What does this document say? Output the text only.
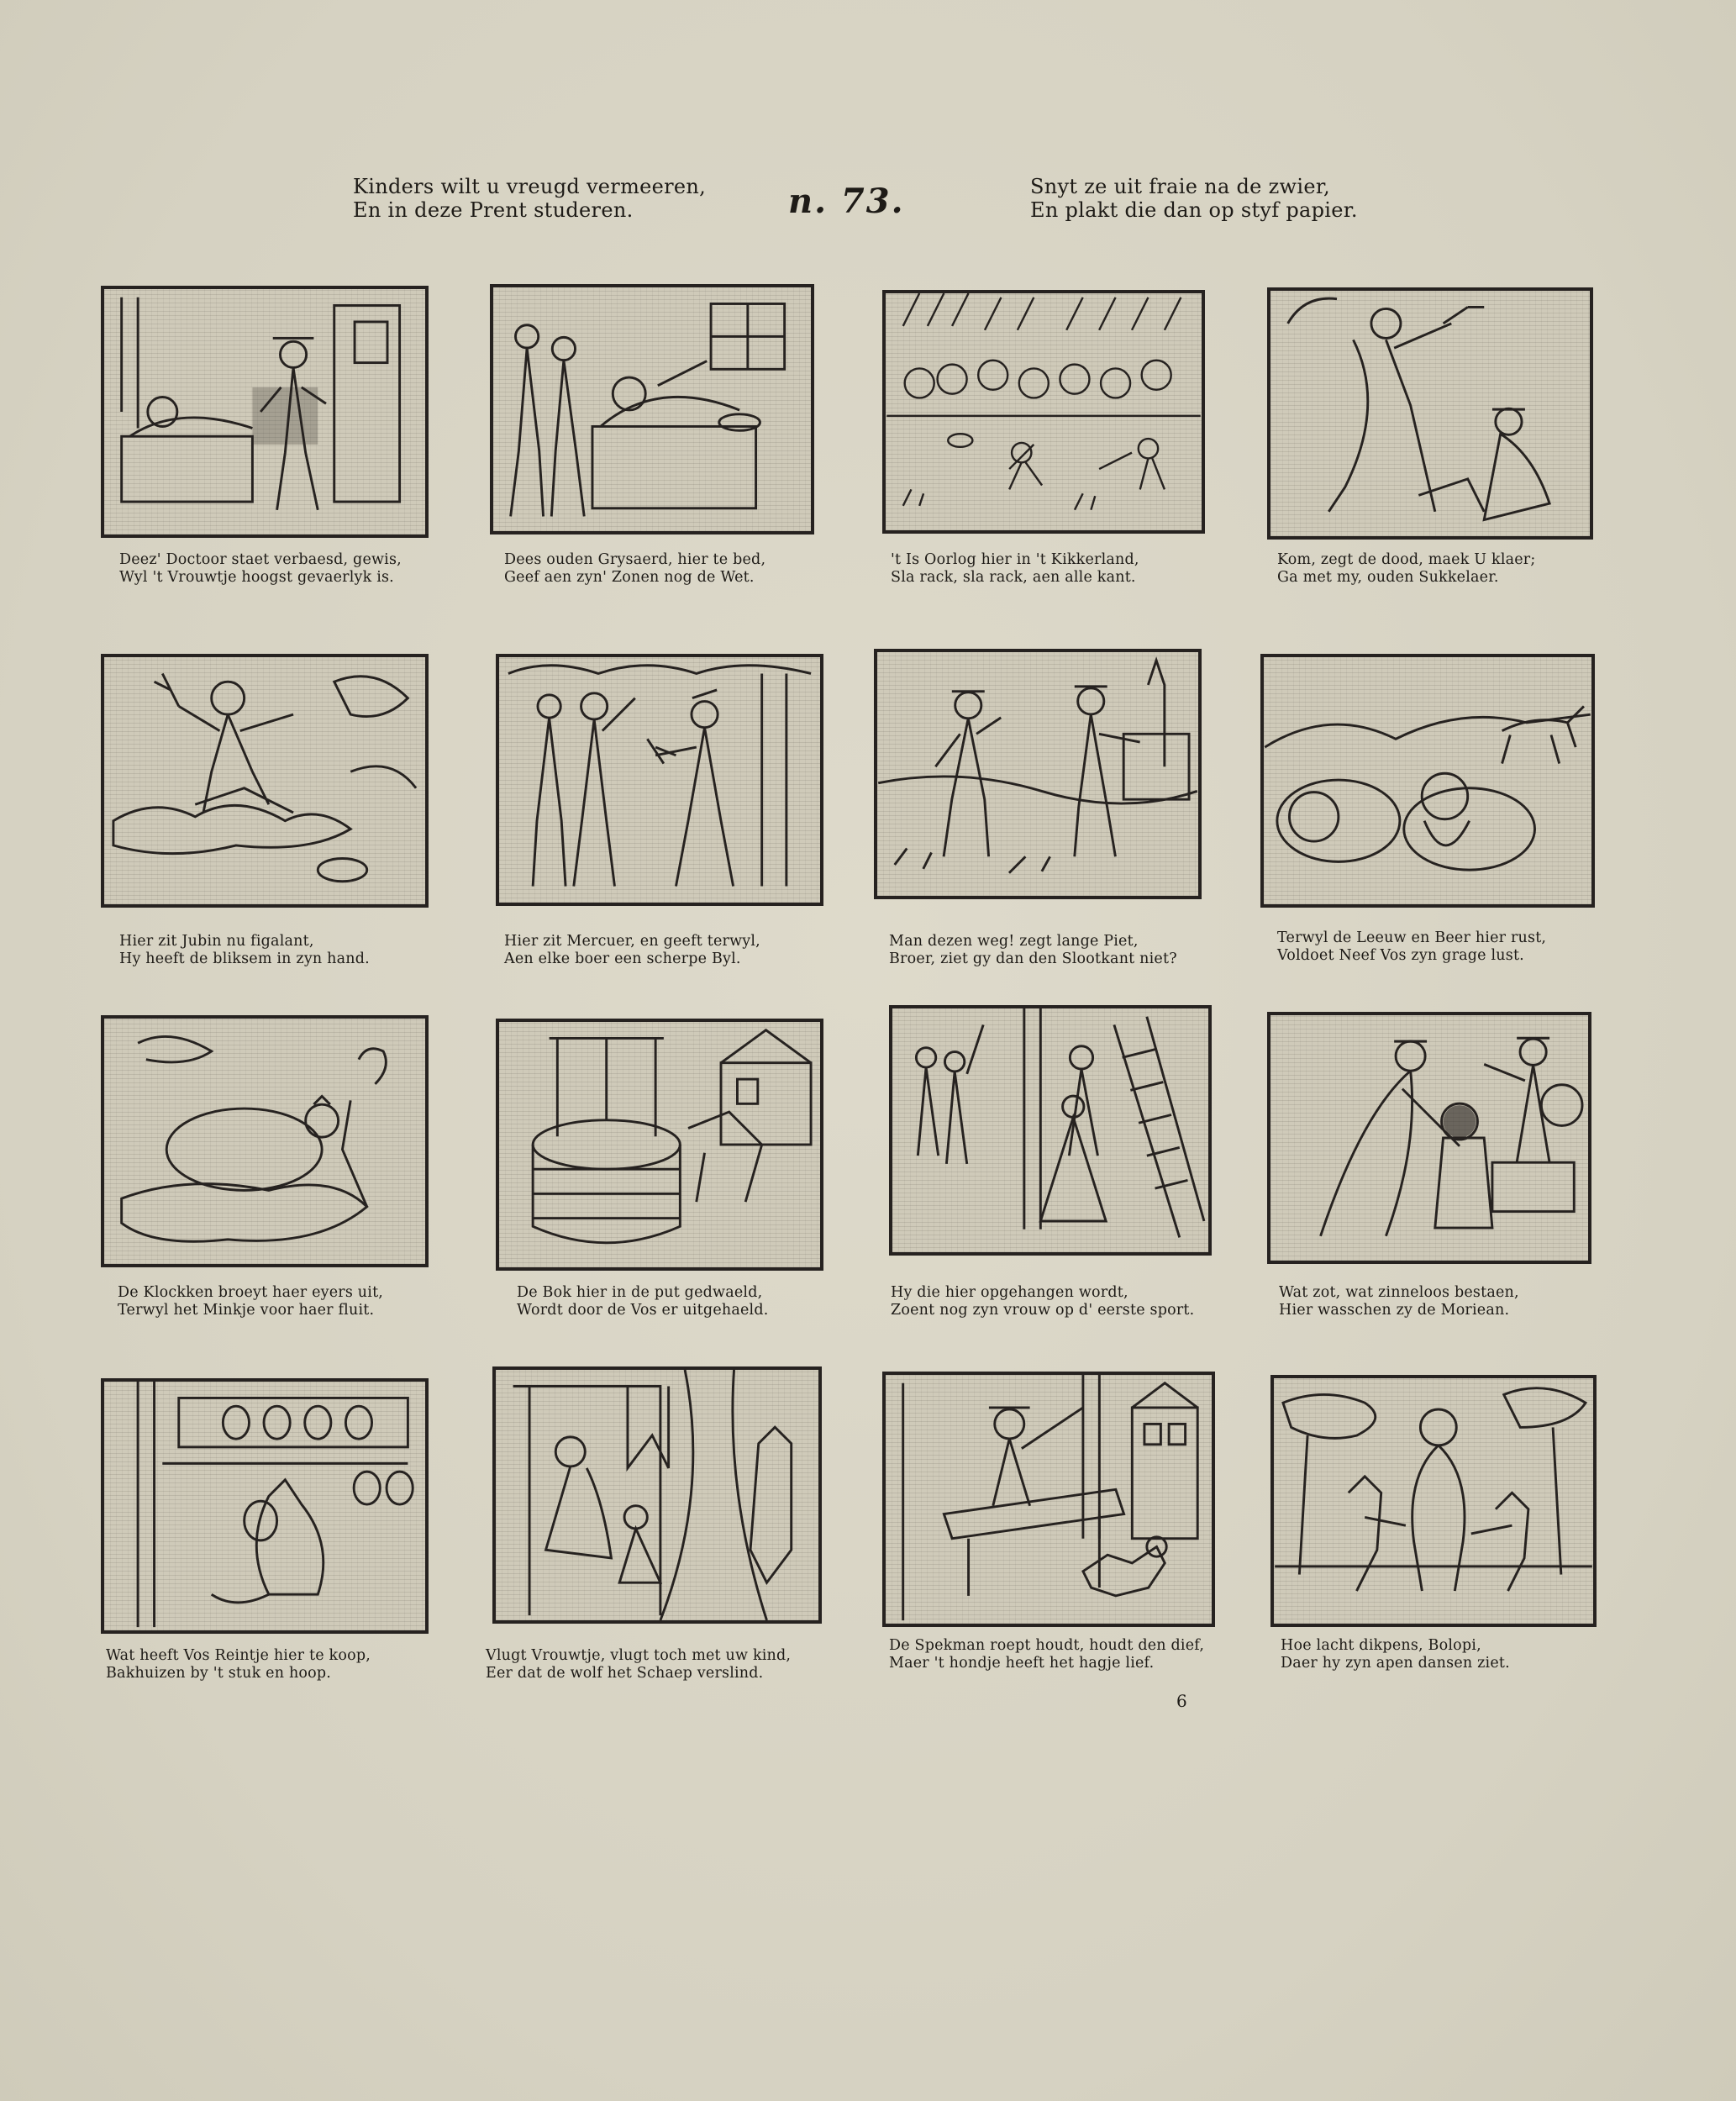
Kinders wilt u vreugd vermeeren,
En in deze Prent studeren.	n. 73.	Snyt ze uit fraie na de zwier,
En plakt die dan op styf papier.
Deez' Doctoor staet verbaesd, gewis,
Wyl 't Vrouwtje hoogst gevaerlyk is.
Dees ouden Grysaerd, hier te bed,
Geef aen zyn' Zonen nog de Wet.
't Is Oorlog hier in 't Kikkerland,
Sla rack, sla rack, aen alle kant.
Kom, zegt de dood, maek U klaer;
Ga met my, ouden Sukkelaer.
Hier zit Jubin nu figalant,
Hy heeft de bliksem in zyn hand.
Hier zit Mercuer, en geeft terwyl,
Aen elke boer een scherpe Byl.
Man dezen weg! zegt lange Piet,
Broer, ziet gy dan den Slootkant niet?
Terwyl de Leeuw en Beer hier rust,
Voldoet Neef Vos zyn grage lust.
De Klockken broeyt haer eyers uit,
Terwyl het Minkje voor haer fluit.
De Bok hier in de put gedwaeld,
Wordt door de Vos er uitgehaeld.
Hy die hier opgehangen wordt,
Zoent nog zyn vrouw op d' eerste sport.
Wat zot, wat zinneloos bestaen,
Hier wasschen zy de Moriean.
Wat heeft Vos Reintje hier te koop,
Bakhuizen by 't stuk en hoop.
Vlugt Vrouwtje, vlugt toch met uw kind,
Eer dat de wolf het Schaep verslind.
De Spekman roept houdt, houdt den dief,
Maer 't hondje heeft het hagje lief.
Hoe lacht dikpens, Bolopi,
Daer hy zyn apen dansen ziet.
6
